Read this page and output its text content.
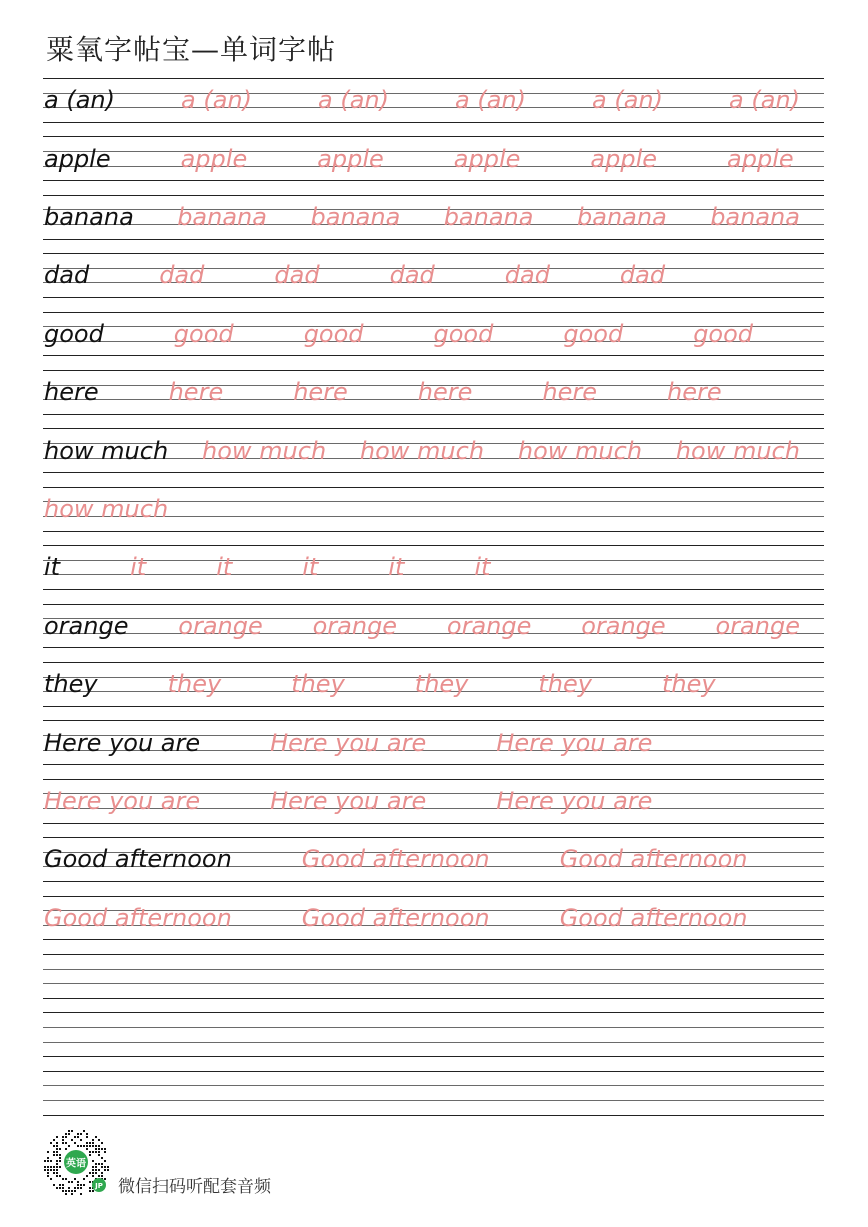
粟氧字帖宝—单词字帖
a (an)	a (an)	a (an)	a (an)	a (an)	a (an)
apple	apple	apple	apple	apple	apple
banana banana banana banana banana banana
dad	dad	dad	dad	dad	dad
good	good	good	good	good	good
here	here	here	here	here	here
how much how much how much how much how much
how much
it	it	it	it	it	it
orange orange orange orange orange orange
they	they	they	they	they	they
Here you are	Here you are	Here you are
Here you are	Here you are	Here you are
Good afternoon	Good afternoon	Good afternoon
Good afternoon	Good afternoon	Good afternoon
英语
JP 微信扫码听配套音频
